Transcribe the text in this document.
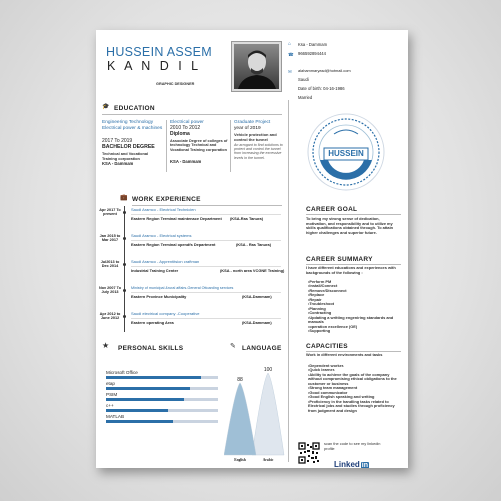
HUSSEIN ASSEM
K A N D I L
GRAPHIC DESIGNER
⌂ Ksa - Dammam
☎ 966592894444
✉ alahammaryasd@hotmail.com
Saudi
Date of birth: 04-16-1986
Married
🎓 EDUCATION
Engineering Technology Electrical power & machines
2017 To 2019
BACHELOR DEGREE
Technical and Vocational Training corporation
KSA - Dammam
Electrical power
2010 To 2012
Diploma
Associate Degree of colleges of technology Technical and Vocational Training corporation
KSA - Dammam
Graduate Project
year of 2019
Vehicle protection and control the tunnel
An arrogant to find solutions to protect and control the tunnel from increasing the excessive levels in the tunnel.	HUSSEIN
💼 WORK EXPERIENCE
Apr 2017 To present
Saudi Aramco - Electrical Technicien
Eastern Region Terminal maintenace Department (KSA-Ras Tanura)
Jan 2015 to Mar 2017
Saudi Aramco - Electrical systems
Eastern Region Terminal opendfs Department	(KSA - Ras Tanura)
Jul2013 to Dec 2014
Saudi Aramco - Apprentitsion craftman
Industrial Training Center	(KSA - north area VCGNE Training)
Nov 2007 To July 2013
Ministry of municipal &rural affairs-General Ottoarding services
Eastern Province Municipality	(KSA-Dammam)
Apr 2012 to June 2012
Saudi electrical company -Cooperative
Eastern operating Area	(KSA-Dammam)
★ PERSONAL SKILLS
Microsoft Office
etap
PSIM
c++
MATLAB
✎ LANGUAGE
88
English
100
Arabic
CAREER GOAL
To bring my strong sense of dedication, motivation, and responsibility and to utilize my skills qualifications obtained through. To attain higher challenges and superior future.
CAREER SUMMARY
I have different educations and experiences with backgrounds of the following :
•Perform PM
•Install/Connect
•Remove/Disconnect
•Replace
•Repair
•Troubleshoot
•Planning
•Contracting
•Updating a writting engeniring standards and manuals
•operation excellence (OE)
•Supporting
CAPACITIES
Work in different environments and tasks
•Dependent worker.
•Quick learner.
•Ability to achieve the goals of the company without compromising ethical obligations to the customer or business
•Strong team management
•Good communicator
•Good English speaking and writing
•Proficiency in the handling tasks related to Electrical jobs and studies through proficiency from judgment and design
scan the code to see my linkedin profile
Linked in
